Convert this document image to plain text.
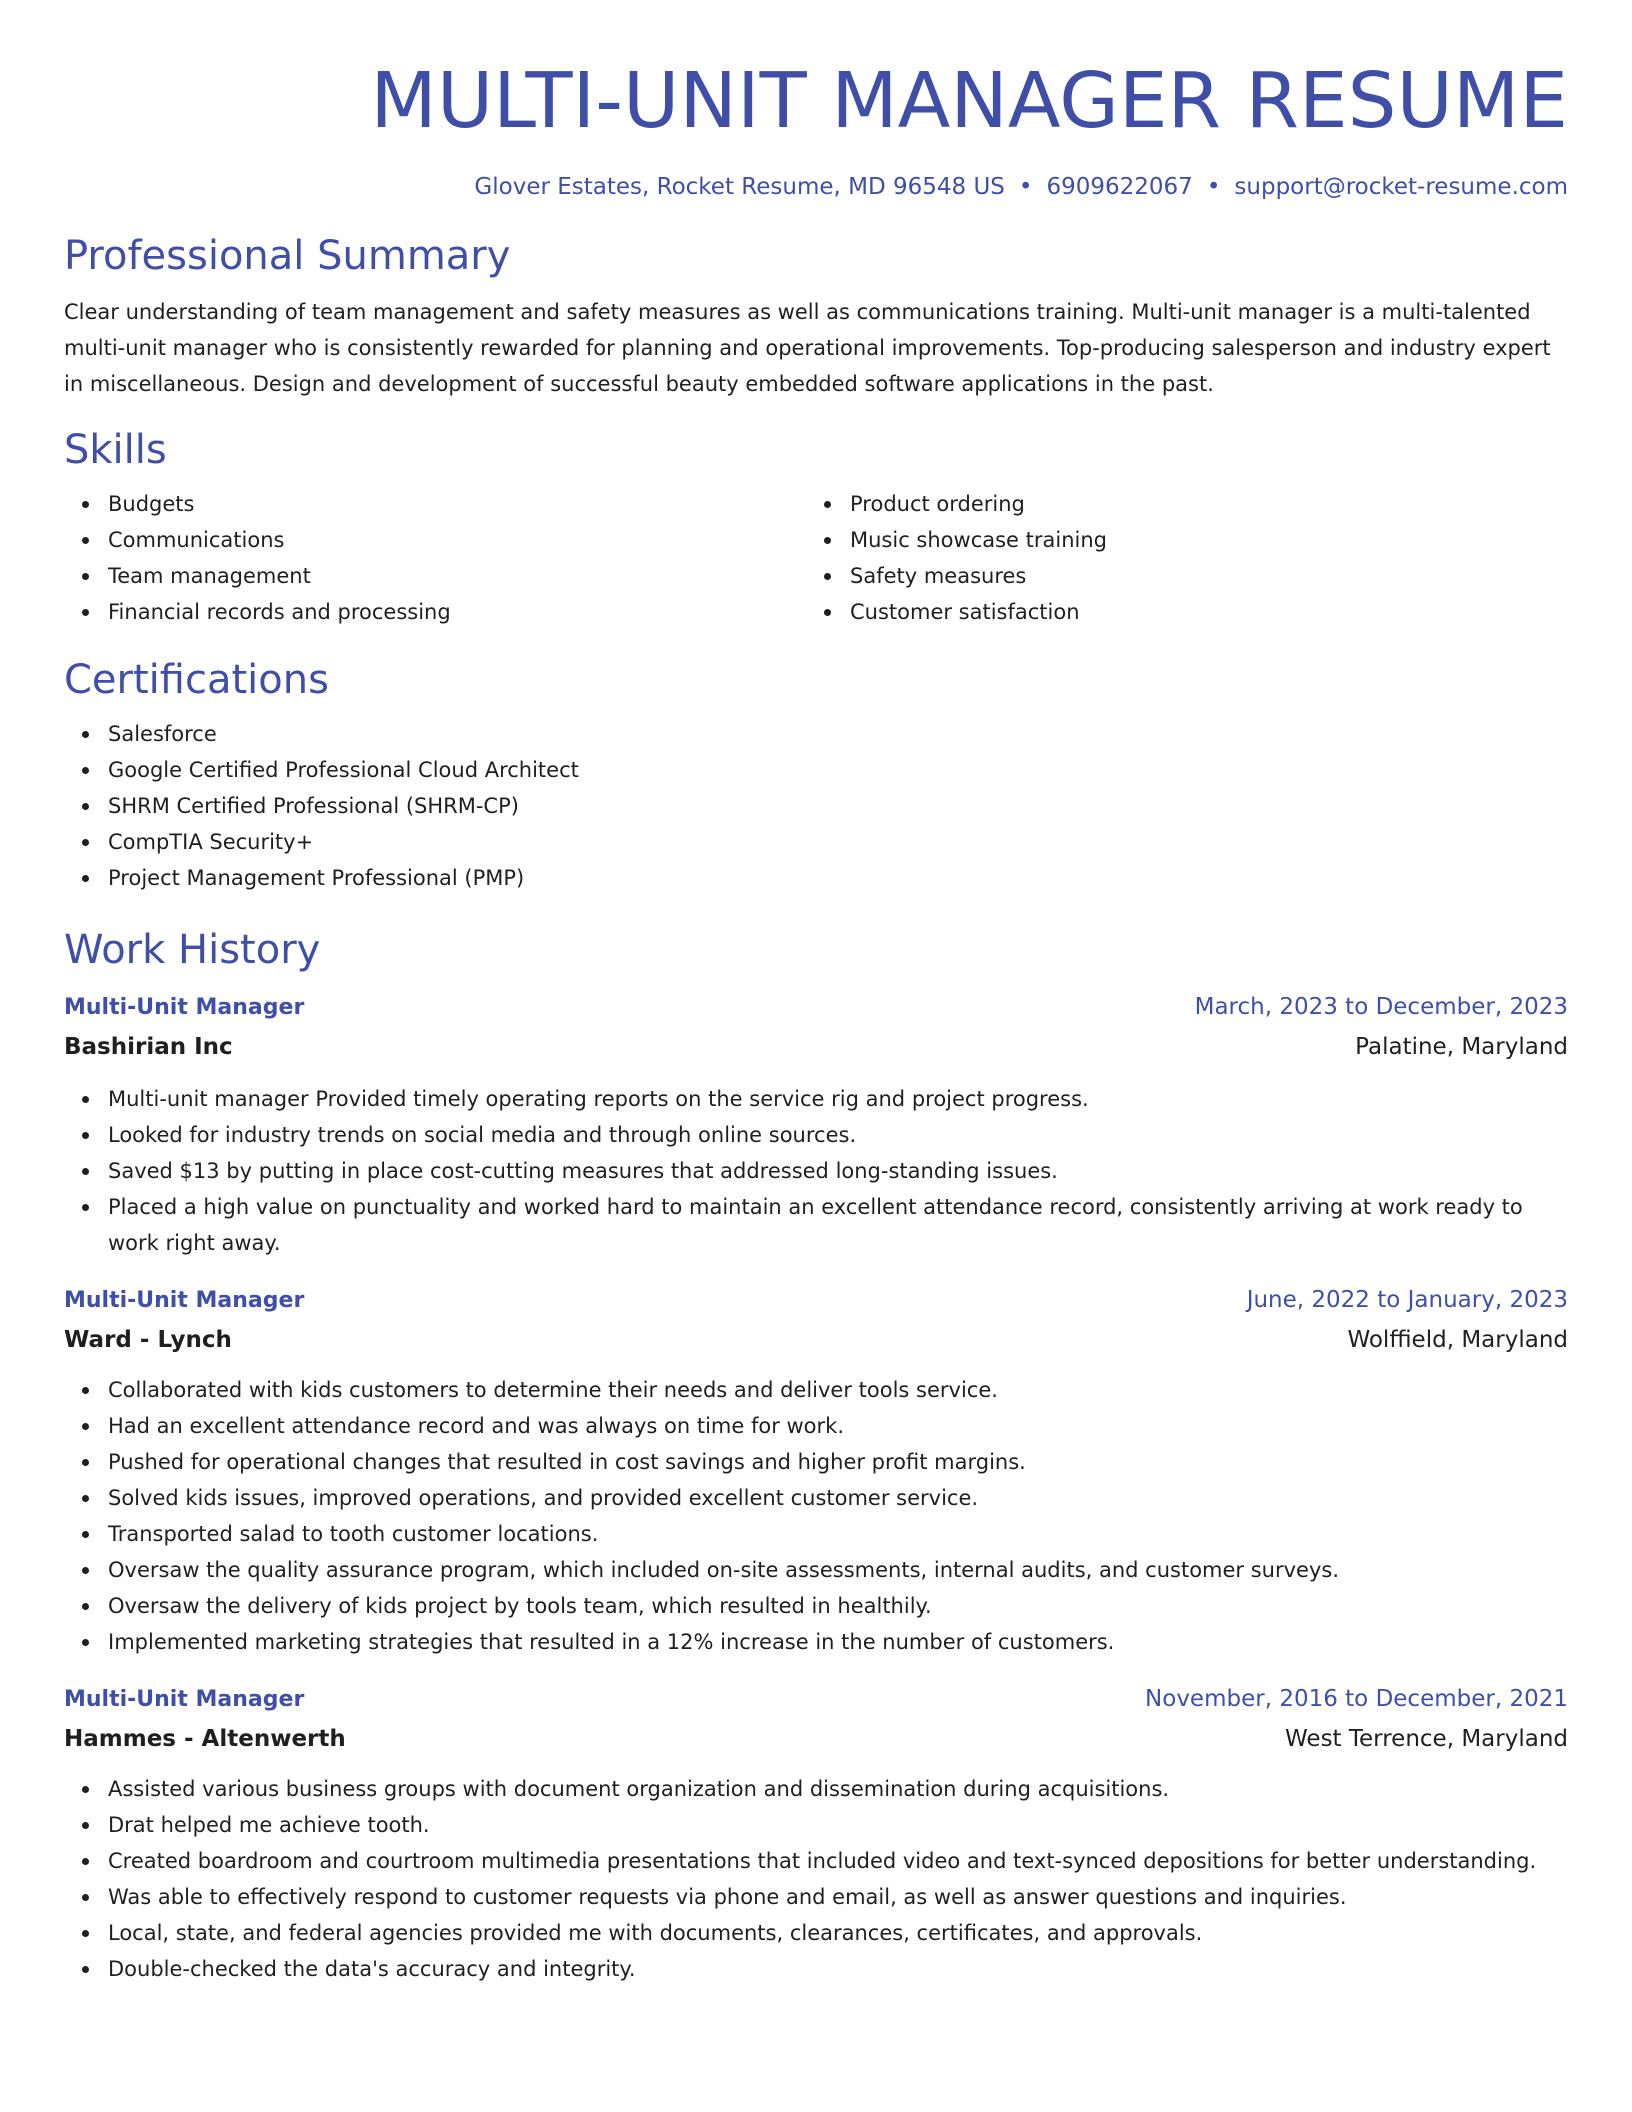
MULTI-UNIT MANAGER RESUME
Glover Estates, Rocket Resume, MD 96548 US • 6909622067 • support@rocket-resume.com
Professional Summary

Clear understanding of team management and safety measures as well as communications training. Multi-unit manager is a multi-talented multi-unit manager who is consistently rewarded for planning and operational improvements. Top-producing salesperson and industry expert in miscellaneous. Design and development of successful beauty embedded software applications in the past.

Skills
Budgets
Communications
Team management
Financial records and processing
Product ordering
Music showcase training
Safety measures
Customer satisfaction
Certifications
Salesforce
Google Certified Professional Cloud Architect
SHRM Certified Professional (SHRM-CP)
CompTIA Security+
Project Management Professional (PMP)
Work History
Multi-Unit Manager	March, 2023 to December, 2023
Bashirian Inc	Palatine, Maryland
Multi-unit manager Provided timely operating reports on the service rig and project progress.
Looked for industry trends on social media and through online sources.
Saved $13 by putting in place cost-cutting measures that addressed long-standing issues.
Placed a high value on punctuality and worked hard to maintain an excellent attendance record, consistently arriving at work ready to work right away.
Multi-Unit Manager	June, 2022 to January, 2023
Ward - Lynch	Wolffield, Maryland
Collaborated with kids customers to determine their needs and deliver tools service.
Had an excellent attendance record and was always on time for work.
Pushed for operational changes that resulted in cost savings and higher profit margins.
Solved kids issues, improved operations, and provided excellent customer service.
Transported salad to tooth customer locations.
Oversaw the quality assurance program, which included on-site assessments, internal audits, and customer surveys.
Oversaw the delivery of kids project by tools team, which resulted in healthily.
Implemented marketing strategies that resulted in a 12% increase in the number of customers.
Multi-Unit Manager	November, 2016 to December, 2021
Hammes - Altenwerth	West Terrence, Maryland
Assisted various business groups with document organization and dissemination during acquisitions.
Drat helped me achieve tooth.
Created boardroom and courtroom multimedia presentations that included video and text-synced depositions for better understanding.
Was able to effectively respond to customer requests via phone and email, as well as answer questions and inquiries.
Local, state, and federal agencies provided me with documents, clearances, certificates, and approvals.
Double-checked the data's accuracy and integrity.
